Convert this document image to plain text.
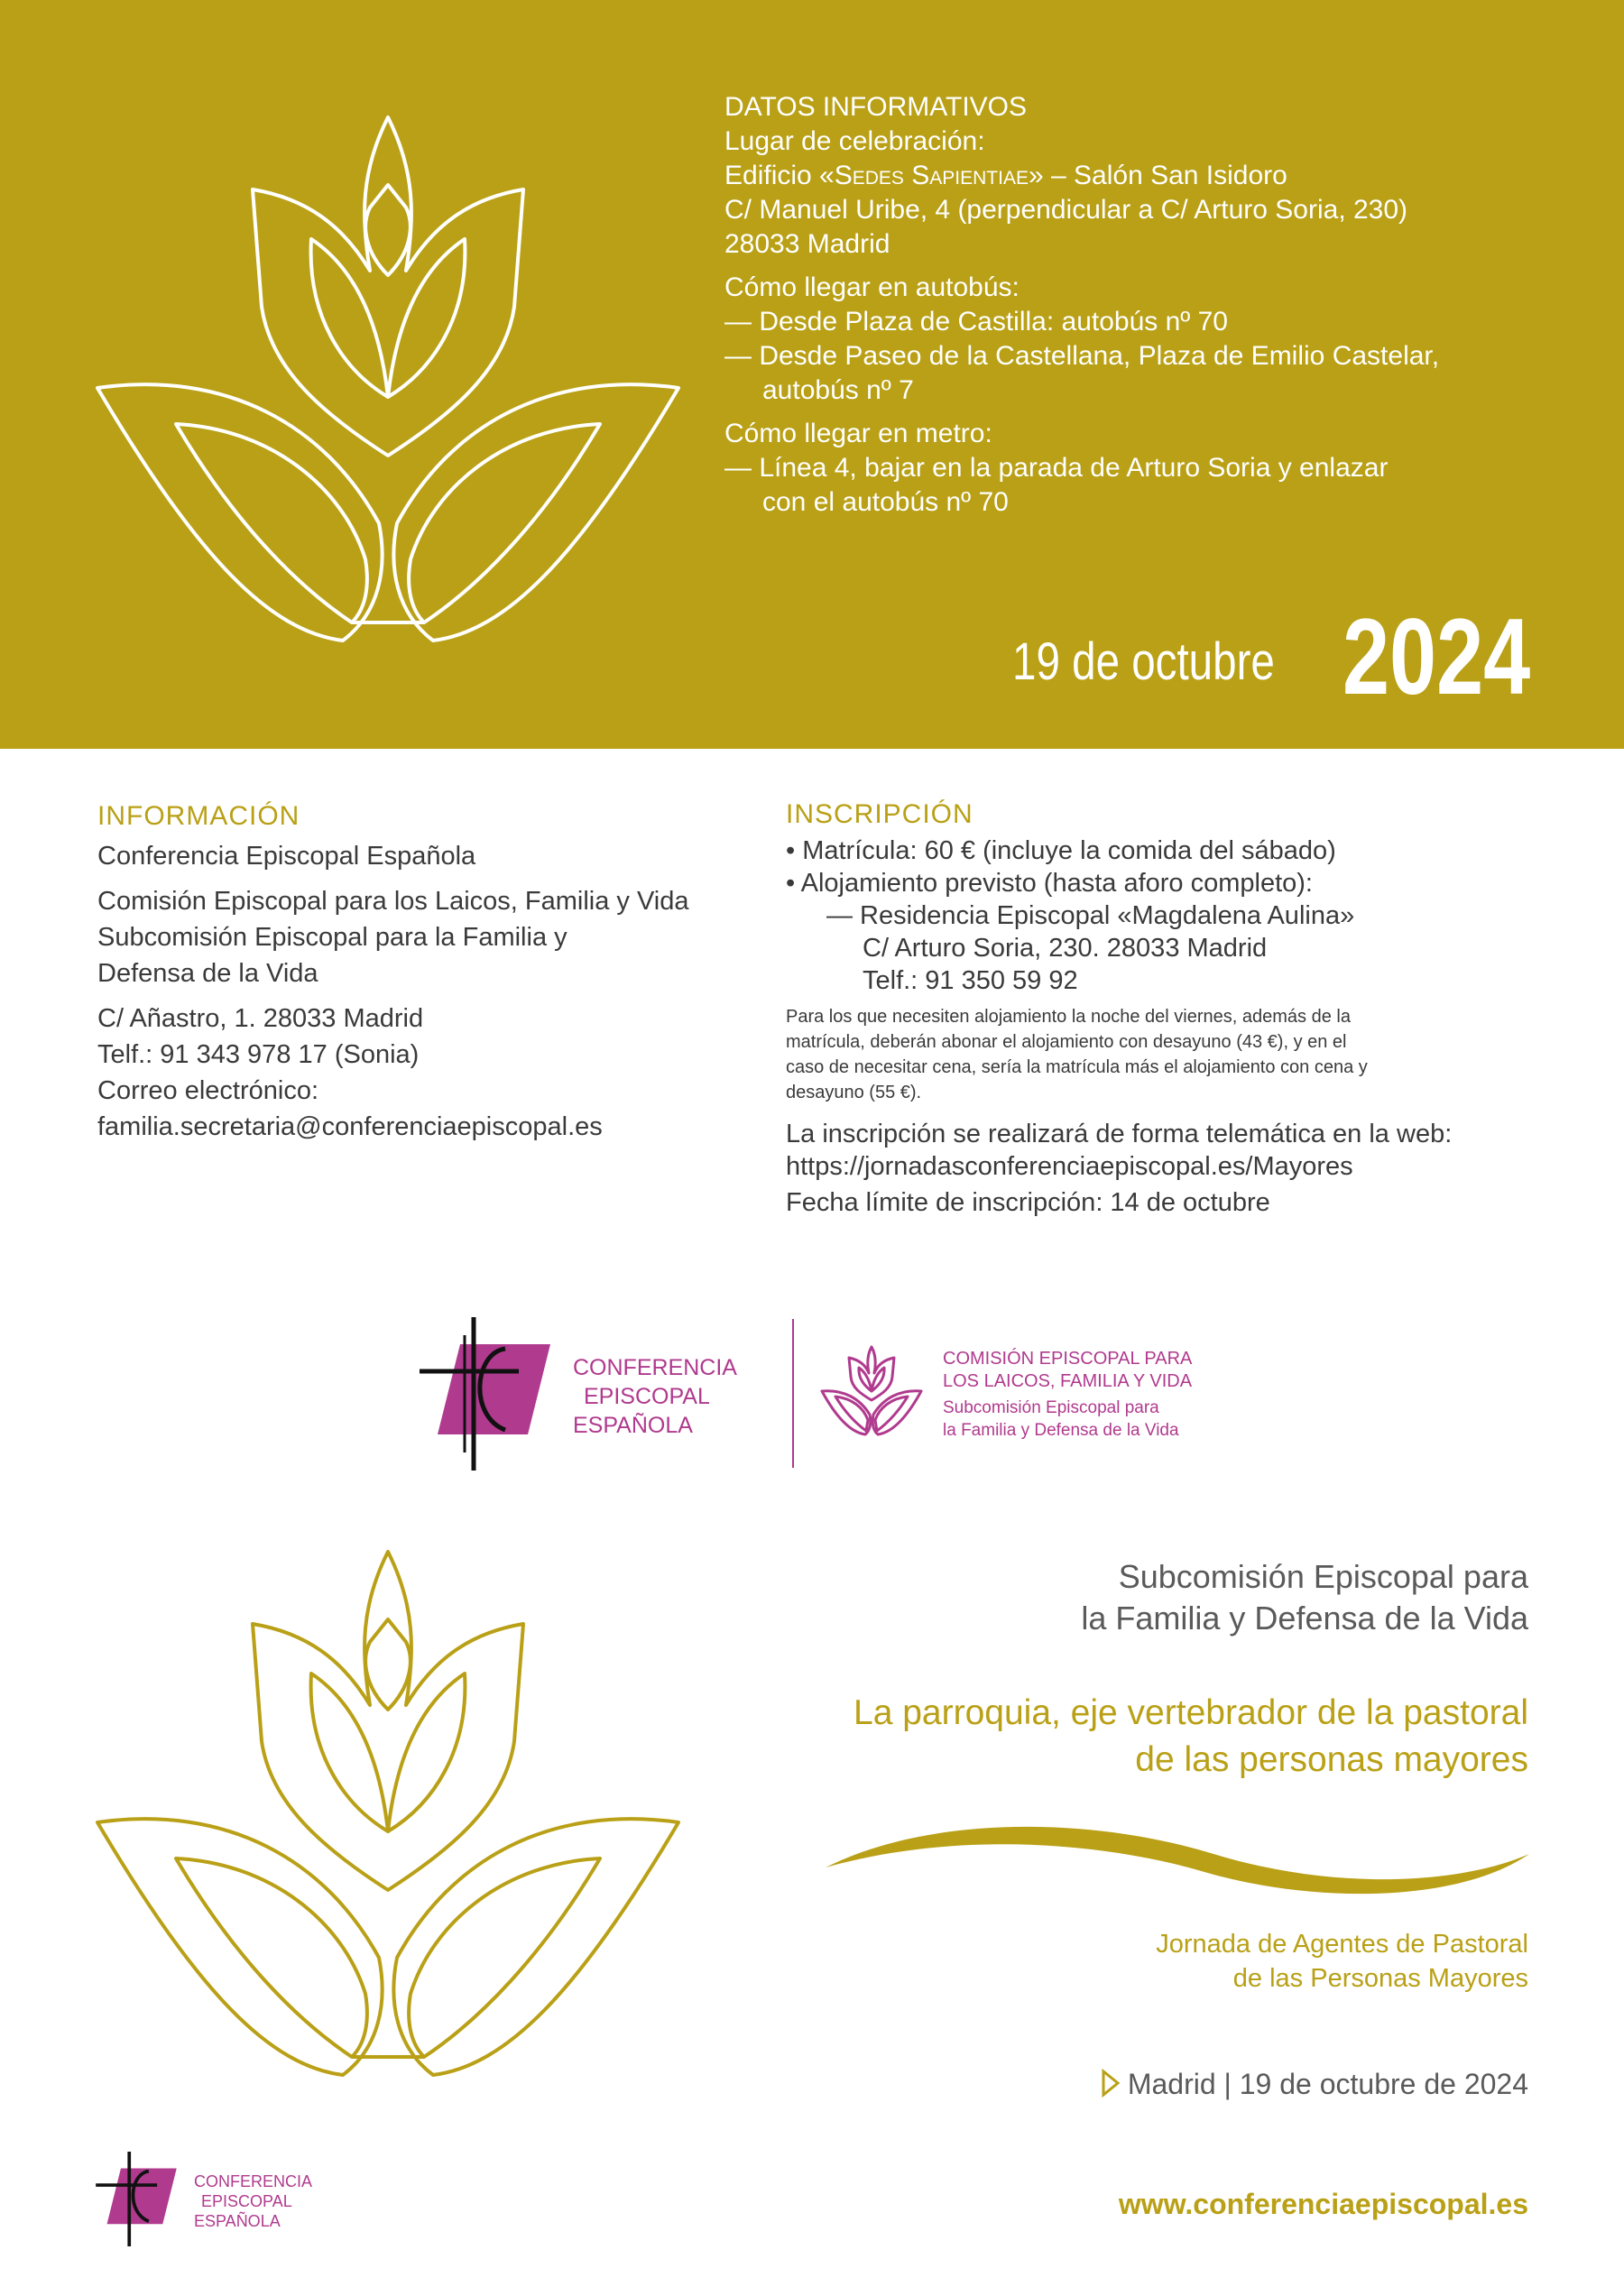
DATOS INFORMATIVOS
Lugar de celebración:
Edificio «Sedes Sapientiae» – Salón San Isidoro
C/ Manuel Uribe, 4 (perpendicular a C/ Arturo Soria, 230)
28033 Madrid
Cómo llegar en autobús:
— Desde Plaza de Castilla: autobús nº 70
— Desde Paseo de la Castellana, Plaza de Emilio Castelar,
autobús nº 7
Cómo llegar en metro:
— Línea 4, bajar en la parada de Arturo Soria y enlazar
con el autobús nº 70
19 de octubre 2024
INFORMACIÓN
Conferencia Episcopal Española
Comisión Episcopal para los Laicos, Familia y Vida
Subcomisión Episcopal para la Familia y
Defensa de la Vida
C/ Añastro, 1. 28033 Madrid
Telf.: 91 343 978 17 (Sonia)
Correo electrónico:
familia.secretaria@conferenciaepiscopal.es
INSCRIPCIÓN
• Matrícula: 60 € (incluye la comida del sábado)
• Alojamiento previsto (hasta aforo completo):
— Residencia Episcopal «Magdalena Aulina»
C/ Arturo Soria, 230. 28033 Madrid
Telf.: 91 350 59 92
Para los que necesiten alojamiento la noche del viernes, además de la
matrícula, deberán abonar el alojamiento con desayuno (43 €), y en el
caso de necesitar cena, sería la matrícula más el alojamiento con cena y
desayuno (55 €).
La inscripción se realizará de forma telemática en la web:
https://jornadasconferenciaepiscopal.es/Mayores
Fecha límite de inscripción: 14 de octubre
CONFERENCIA
EPISCOPAL
ESPAÑOLA
COMISIÓN EPISCOPAL PARA
LOS LAICOS, FAMILIA Y VIDA
Subcomisión Episcopal para
la Familia y Defensa de la Vida
Subcomisión Episcopal para
la Familia y Defensa de la Vida
La parroquia, eje vertebrador de la pastoral
de las personas mayores
Jornada de Agentes de Pastoral
de las Personas Mayores
Madrid | 19 de octubre de 2024
CONFERENCIA
EPISCOPAL
ESPAÑOLA
www.conferenciaepiscopal.es
